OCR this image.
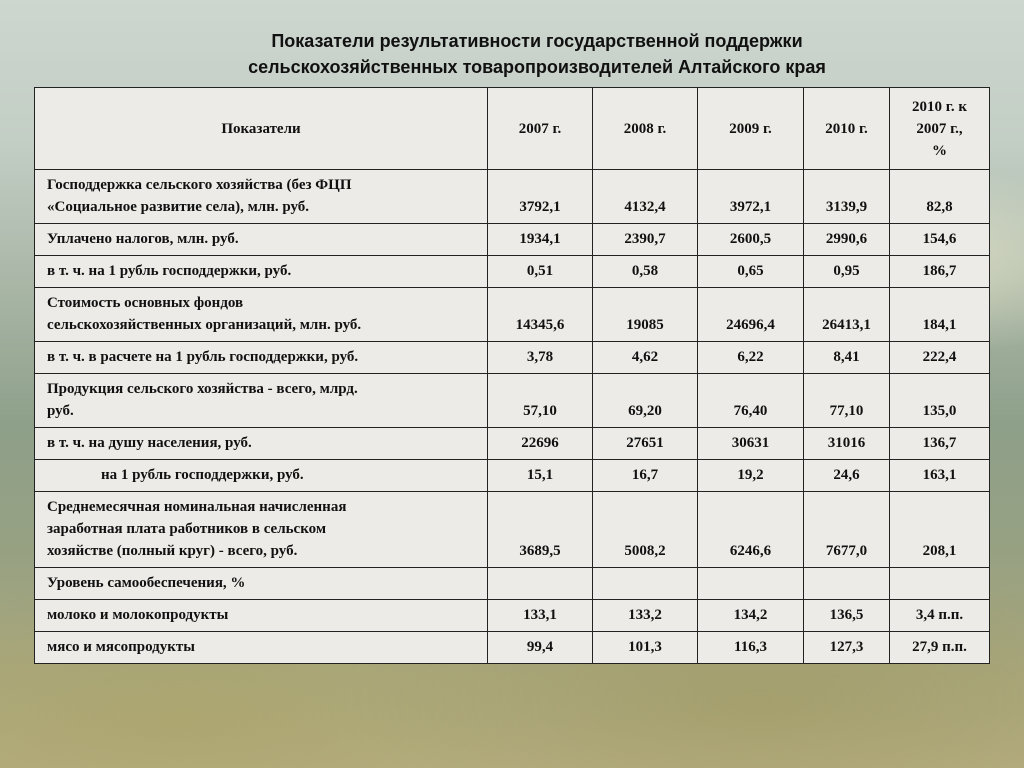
Показатели результативности государственной поддержки
сельскохозяйственных товаропроизводителей Алтайского края
Показатели	2007 г.	2008 г.	2009 г.	2010 г.	2010 г. к
2007 г.,
%

Господдержка сельского хозяйства (без ФЦП
«Социальное развитие села), млн. руб.	3792,1	4132,4	3972,1	3139,9	82,8

Уплачено налогов, млн. руб.	1934,1	2390,7	2600,5	2990,6	154,6

в т. ч. на 1 рубль господдержки, руб.	0,51	0,58	0,65	0,95	186,7

Стоимость основных фондов
сельскохозяйственных организаций, млн. руб.	14345,6	19085	24696,4	26413,1	184,1

в т. ч. в расчете на 1 рубль господдержки, руб.	3,78	4,62	6,22	8,41	222,4

Продукция сельского хозяйства - всего, млрд.
руб.	57,10	69,20	76,40	77,10	135,0

в т. ч. на душу населения, руб.	22696	27651	30631	31016	136,7

на 1 рубль господдержки, руб.	15,1	16,7	19,2	24,6	163,1

Среднемесячная номинальная начисленная
заработная плата работников в сельском
хозяйстве (полный круг) - всего, руб.	3689,5	5008,2	6246,6	7677,0	208,1

Уровень самообеспечения, %					

молоко и молокопродукты	133,1	133,2	134,2	136,5	3,4 п.п.

мясо и мясопродукты	99,4	101,3	116,3	127,3	27,9 п.п.
